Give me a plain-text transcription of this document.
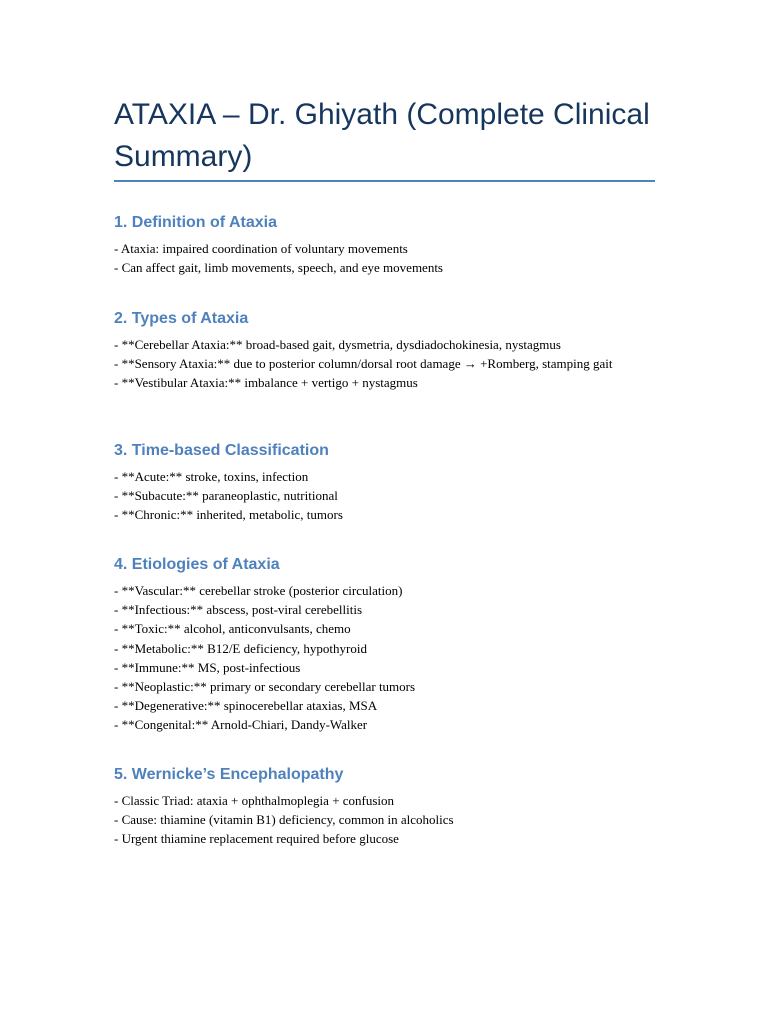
ATAXIA – Dr. Ghiyath (Complete Clinical Summary)
1. Definition of Ataxia

- Ataxia: impaired coordination of voluntary movements

- Can affect gait, limb movements, speech, and eye movements

2. Types of Ataxia

- **Cerebellar Ataxia:** broad-based gait, dysmetria, dysdiadochokinesia, nystagmus

- **Sensory Ataxia:** due to posterior column/dorsal root damage → +Romberg, stamping gait

- **Vestibular Ataxia:** imbalance + vertigo + nystagmus

3. Time-based Classification

- **Acute:** stroke, toxins, infection

- **Subacute:** paraneoplastic, nutritional

- **Chronic:** inherited, metabolic, tumors

4. Etiologies of Ataxia

- **Vascular:** cerebellar stroke (posterior circulation)

- **Infectious:** abscess, post-viral cerebellitis

- **Toxic:** alcohol, anticonvulsants, chemo

- **Metabolic:** B12/E deficiency, hypothyroid

- **Immune:** MS, post-infectious

- **Neoplastic:** primary or secondary cerebellar tumors

- **Degenerative:** spinocerebellar ataxias, MSA

- **Congenital:** Arnold-Chiari, Dandy-Walker

5. Wernicke’s Encephalopathy

- Classic Triad: ataxia + ophthalmoplegia + confusion

- Cause: thiamine (vitamin B1) deficiency, common in alcoholics

- Urgent thiamine replacement required before glucose
